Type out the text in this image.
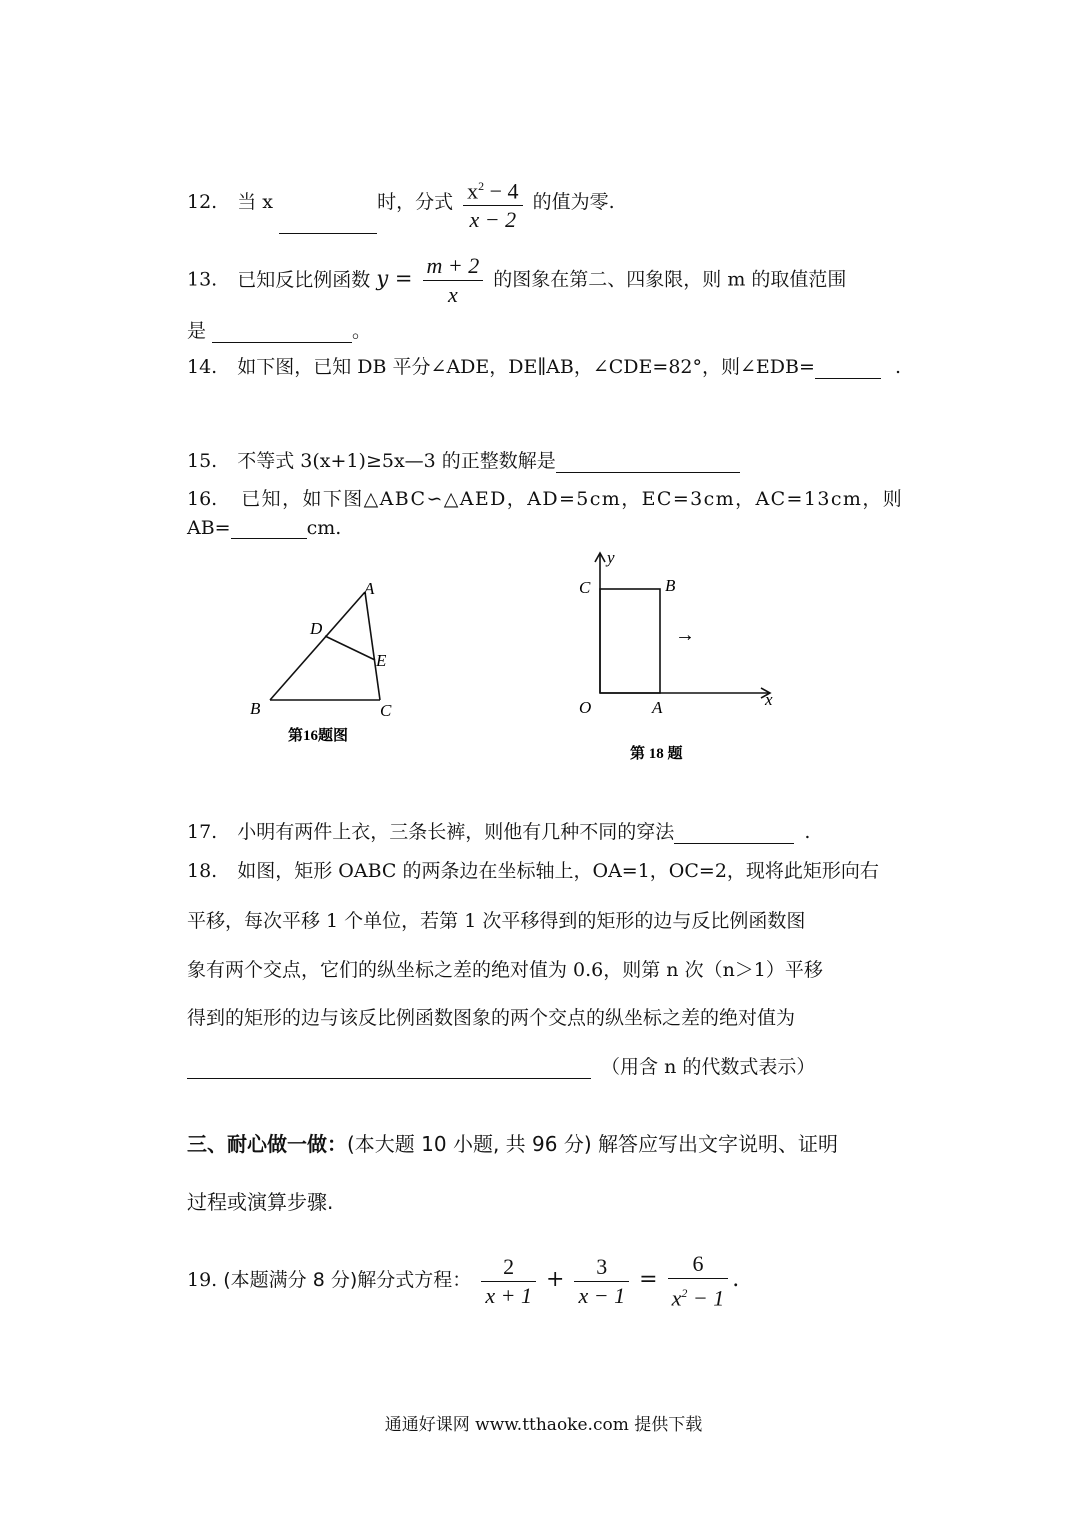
12. 当 x	时，分式 $\frac{x^2 - 4}{x - 2}$ 的值为零.
13. 已知反比例函数 $y = \frac{m + 2}{x}$ 的图象在第二、四象限，则 m 的取值范围
是	。
14. 如下图，已知 DB 平分∠ADE，DE∥AB，∠CDE=82°，则∠EDB=	.
15. 不等式 3(x+1)≥5x—3 的正整数解是
16. 已知，如下图△ABC∽△AED，AD=5cm，EC=3cm，AC=13cm，则
AB=	cm.
A
B	C
D
E
第16题图
→
y
C	B
O	A	x
第 18 题
17. 小明有两件上衣，三条长裤，则他有几种不同的穿法	.
18. 如图，矩形 OABC 的两条边在坐标轴上，OA=1，OC=2，现将此矩形向右
平移，每次平移 1 个单位，若第 1 次平移得到的矩形的边与反比例函数图
象有两个交点，它们的纵坐标之差的绝对值为 0.6，则第 n 次（n＞1）平移
得到的矩形的边与该反比例函数图象的两个交点的纵坐标之差的绝对值为
（用含 n 的代数式表示）
三、耐心做一做：(本大题 10 小题, 共 96 分) 解答应写出文字说明、证明
过程或演算步骤.
19. (本题满分 8 分)解分式方程： $\frac{2}{x + 1} + \frac{3}{x - 1} = \frac{6}{x^2 - 1}$ .
通通好课网 www.tthaoke.com 提供下载
